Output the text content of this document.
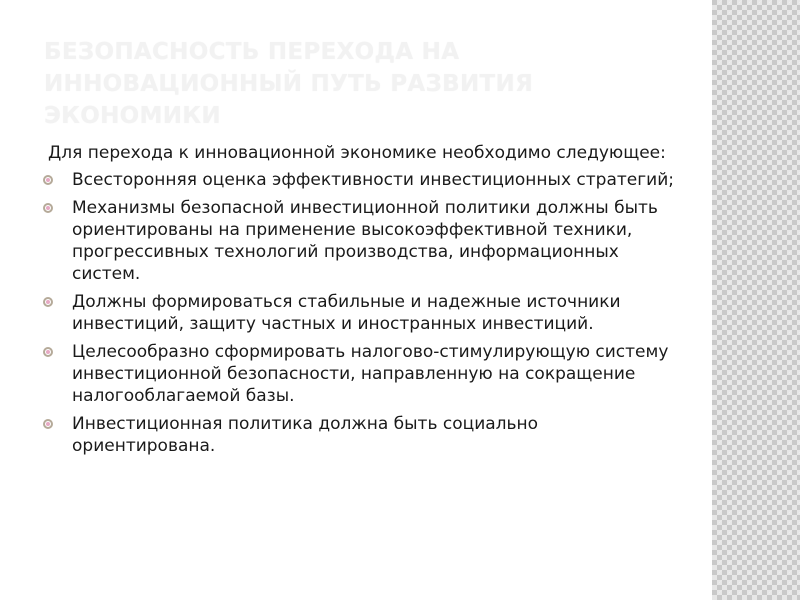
БЕЗОПАСНОСТЬ ПЕРЕХОДА НА ИННОВАЦИОННЫЙ ПУТЬ РАЗВИТИЯ ЭКОНОМИКИ

Для перехода к инновационной экономике необходимо следующее:

Всесторонняя оценка эффективности инвестиционных стратегий;
Механизмы безопасной инвестиционной политики должны быть ориентированы на применение высокоэффективной техники, прогрессивных технологий производства, информационных систем.
Должны формироваться стабильные и надежные источники инвестиций, защиту частных и иностранных инвестиций.
Целесообразно сформировать налогово-стимулирующую систему инвестиционной безопасности, направленную на сокращение налогооблагаемой базы.
Инвестиционная политика должна быть социально ориентирована.
